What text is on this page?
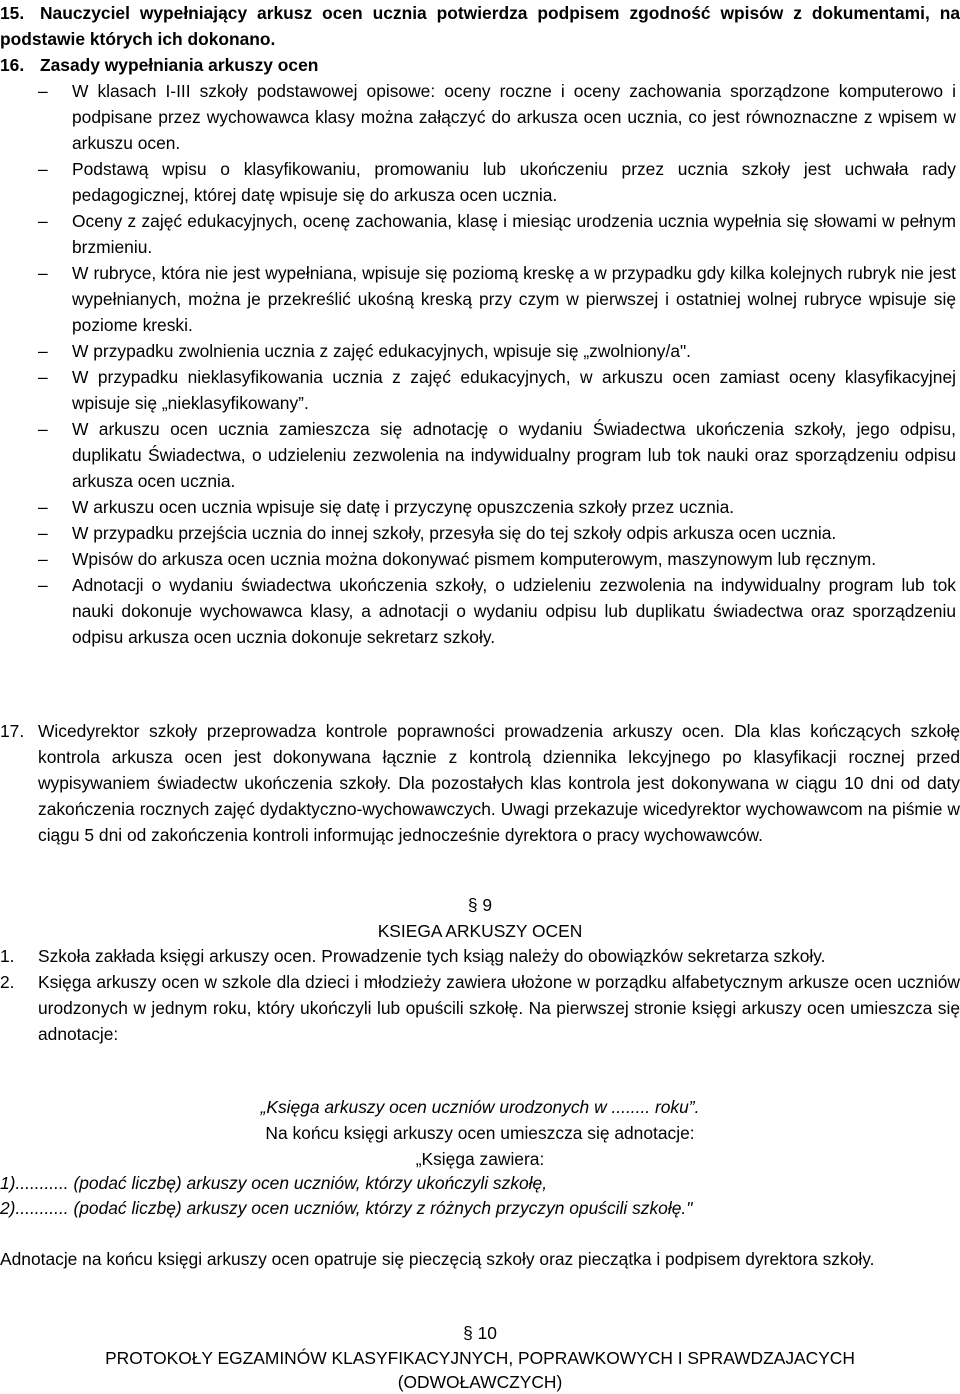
15. Nauczyciel wypełniający arkusz ocen ucznia potwierdza podpisem zgodność wpisów z dokumentami, na podstawie których ich dokonano.

16. Zasady wypełniania arkuszy ocen

– W klasach I-III szkoły podstawowej opisowe: oceny roczne i oceny zachowania sporządzone komputerowo i podpisane przez wychowawca klasy można załączyć do arkusza ocen ucznia, co jest równoznaczne z wpisem w arkuszu ocen.
– Podstawą wpisu o klasyfikowaniu, promowaniu lub ukończeniu przez ucznia szkoły jest uchwała rady pedagogicznej, której datę wpisuje się do arkusza ocen ucznia.
– Oceny z zajęć edukacyjnych, ocenę zachowania, klasę i miesiąc urodzenia ucznia wypełnia się słowami w pełnym brzmieniu.
– W rubryce, która nie jest wypełniana, wpisuje się poziomą kreskę a w przypadku gdy kilka kolejnych rubryk nie jest wypełnianych, można je przekreślić ukośną kreską przy czym w pierwszej i ostatniej wolnej rubryce wpisuje się poziome kreski.
– W przypadku zwolnienia ucznia z zajęć edukacyjnych, wpisuje się „zwolniony/a".
– W przypadku nieklasyfikowania ucznia z zajęć edukacyjnych, w arkuszu ocen zamiast oceny klasyfikacyjnej wpisuje się „nieklasyfikowany”.
– W arkuszu ocen ucznia zamieszcza się adnotację o wydaniu Świadectwa ukończenia szkoły, jego odpisu, duplikatu Świadectwa, o udzieleniu zezwolenia na indywidualny program lub tok nauki oraz sporządzeniu odpisu arkusza ocen ucznia.
– W arkuszu ocen ucznia wpisuje się datę i przyczynę opuszczenia szkoły przez ucznia.
– W przypadku przejścia ucznia do innej szkoły, przesyła się do tej szkoły odpis arkusza ocen ucznia.
– Wpisów do arkusza ocen ucznia można dokonywać pismem komputerowym, maszynowym lub ręcznym.
– Adnotacji o wydaniu świadectwa ukończenia szkoły, o udzieleniu zezwolenia na indywidualny program lub tok nauki dokonuje wychowawca klasy, a adnotacji o wydaniu odpisu lub duplikatu świadectwa oraz sporządzeniu odpisu arkusza ocen ucznia dokonuje sekretarz szkoły.

17. Wicedyrektor szkoły przeprowadza kontrole poprawności prowadzenia arkuszy ocen. Dla klas kończących szkołę kontrola arkusza ocen jest dokonywana łącznie z kontrolą dziennika lekcyjnego po klasyfikacji rocznej przed wypisywaniem świadectw ukończenia szkoły. Dla pozostałych klas kontrola jest dokonywana w ciągu 10 dni od daty zakończenia rocznych zajęć dydaktyczno-wychowawczych. Uwagi przekazuje wicedyrektor wychowawcom na piśmie w ciągu 5 dni od zakończenia kontroli informując jednocześnie dyrektora o pracy wychowawców.

§ 9
KSIEGA ARKUSZY OCEN

1. Szkoła zakłada księgi arkuszy ocen. Prowadzenie tych ksiąg należy do obowiązków sekretarza szkoły.

2. Księga arkuszy ocen w szkole dla dzieci i młodzieży zawiera ułożone w porządku alfabetycznym arkusze ocen uczniów urodzonych w jednym roku, który ukończyli lub opuścili szkołę. Na pierwszej stronie księgi arkuszy ocen umieszcza się adnotacje:

„Księga arkuszy ocen uczniów urodzonych w ........ roku”.
Na końcu księgi arkuszy ocen umieszcza się adnotacje:
„Księga zawiera:
1)........... (podać liczbę) arkuszy ocen uczniów, którzy ukończyli szkołę,
2)........... (podać liczbę) arkuszy ocen uczniów, którzy z różnych przyczyn opuścili szkołę."

Adnotacje na końcu księgi arkuszy ocen opatruje się pieczęcią szkoły oraz pieczątka i podpisem dyrektora szkoły.

§ 10
PROTOKOŁY EGZAMINÓW KLASYFIKACYJNYCH, POPRAWKOWYCH I SPRAWDZAJACYCH
(ODWOŁAWCZYCH)
